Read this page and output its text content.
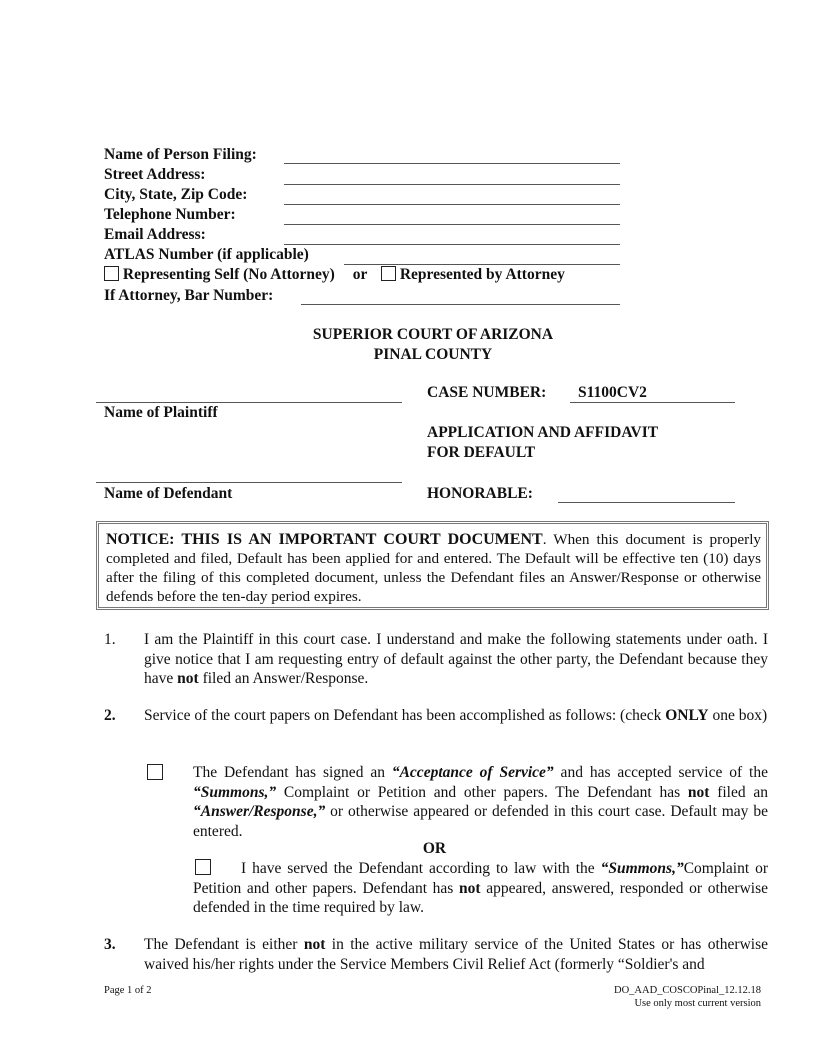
Name of Person Filing:
Street Address:
City, State, Zip Code:
Telephone Number:
Email Address:
ATLAS Number (if applicable)
Representing Self (No Attorney) or Represented by Attorney
If Attorney, Bar Number:
SUPERIOR COURT OF ARIZONA
PINAL COUNTY
Name of Plaintiff
Name of Defendant
CASE NUMBER: S1100CV2
APPLICATION AND AFFIDAVIT
FOR DEFAULT
HONORABLE:
NOTICE: THIS IS AN IMPORTANT COURT DOCUMENT. When this document is properly completed and filed, Default has been applied for and entered. The Default will be effective ten (10) days after the filing of this completed document, unless the Defendant files an Answer/Response or otherwise defends before the ten-day period expires.
1. I am the Plaintiff in this court case. I understand and make the following statements under oath. I give notice that I am requesting entry of default against the other party, the Defendant because they have not filed an Answer/Response.
2. Service of the court papers on Defendant has been accomplished as follows: (check ONLY one box)
The Defendant has signed an “Acceptance of Service” and has accepted service of the “Summons,” Complaint or Petition and other papers. The Defendant has not filed an “Answer/Response,” or otherwise appeared or defended in this court case. Default may be entered.
OR
I have served the Defendant according to law with the “Summons,”Complaint or Petition and other papers. Defendant has not appeared, answered, responded or otherwise defended in the time required by law.
3. The Defendant is either not in the active military service of the United States or has otherwise waived his/her rights under the Service Members Civil Relief Act (formerly “Soldier's and
Page 1 of 2	DO_AAD_COSCOPinal_12.12.18
Use only most current version
